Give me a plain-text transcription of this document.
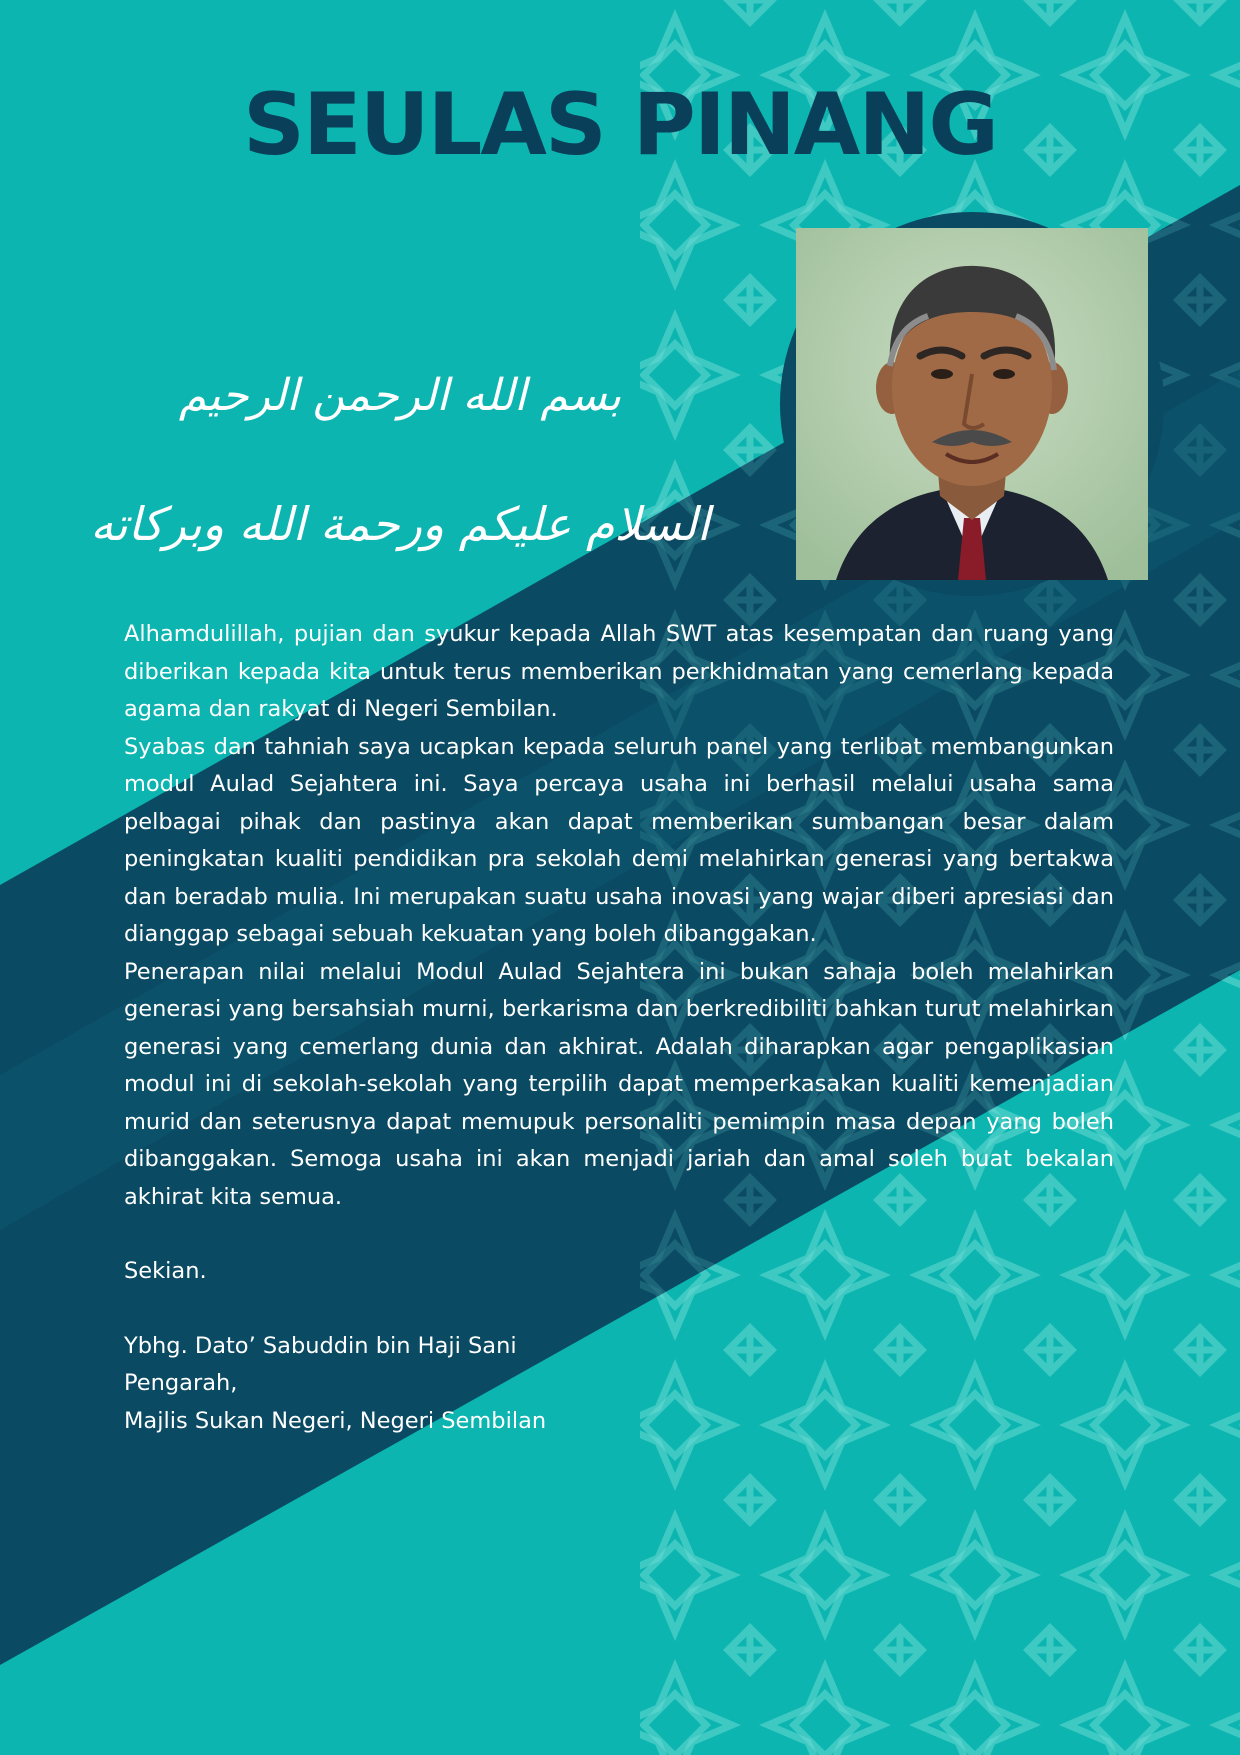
SEULAS PINANG
بسم الله الرحمن الرحيم
السلام عليكم ورحمة الله وبركاته

Alhamdulillah, pujian dan syukur kepada Allah SWT atas kesempatan dan ruang yang diberikan kepada kita untuk terus memberikan perkhidmatan yang cemerlang kepada agama dan rakyat di Negeri Sembilan.

Syabas dan tahniah saya ucapkan kepada seluruh panel yang terlibat membangunkan modul Aulad Sejahtera ini. Saya percaya usaha ini berhasil melalui usaha sama pelbagai pihak dan pastinya akan dapat memberikan sumbangan besar dalam peningkatan kualiti pendidikan pra sekolah demi melahirkan generasi yang bertakwa dan beradab mulia. Ini merupakan suatu usaha inovasi yang wajar diberi apresiasi dan dianggap sebagai sebuah kekuatan yang boleh dibanggakan.

Penerapan nilai melalui Modul Aulad Sejahtera ini bukan sahaja boleh melahirkan generasi yang bersahsiah murni, berkarisma dan berkredibiliti bahkan turut melahirkan generasi yang cemerlang dunia dan akhirat. Adalah diharapkan agar pengaplikasian modul ini di sekolah-sekolah yang terpilih dapat memperkasakan kualiti kemenjadian murid dan seterusnya dapat memupuk personaliti pemimpin masa depan yang boleh dibanggakan. Semoga usaha ini akan menjadi jariah dan amal soleh buat bekalan akhirat kita semua.

Sekian.

Ybhg. Dato’ Sabuddin bin Haji Sani
Pengarah,
Majlis Sukan Negeri, Negeri Sembilan
